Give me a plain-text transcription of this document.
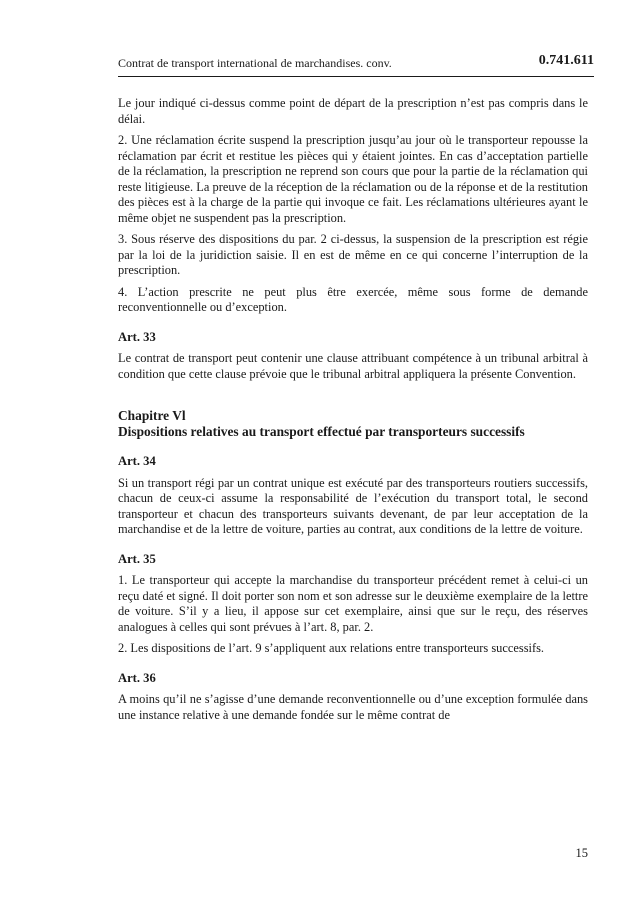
Contrat de transport international de marchandises. conv.	0.741.611

Le jour indiqué ci-dessus comme point de départ de la prescription n’est pas compris dans le délai.

2. Une réclamation écrite suspend la prescription jusqu’au jour où le transporteur repousse la réclamation par écrit et restitue les pièces qui y étaient jointes. En cas d’acceptation partielle de la réclamation, la prescription ne reprend son cours que pour la partie de la réclamation qui reste litigieuse. La preuve de la réception de la réclamation ou de la réponse et de la restitution des pièces est à la charge de la partie qui invoque ce fait. Les réclamations ultérieures ayant le même objet ne suspendent pas la prescription.

3. Sous réserve des dispositions du par. 2 ci-dessus, la suspension de la prescription est régie par la loi de la juridiction saisie. Il en est de même en ce qui concerne l’interruption de la prescription.

4. L’action prescrite ne peut plus être exercée, même sous forme de demande reconventionnelle ou d’exception.

Art. 33

Le contrat de transport peut contenir une clause attribuant compétence à un tribunal arbitral à condition que cette clause prévoie que le tribunal arbitral appliquera la présente Convention.

Chapitre Vl
Dispositions relatives au transport effectué par transporteurs successifs
Art. 34

Si un transport régi par un contrat unique est exécuté par des transporteurs routiers successifs, chacun de ceux-ci assume la responsabilité de l’exécution du transport total, le second transporteur et chacun des transporteurs suivants devenant, de par leur acceptation de la marchandise et de la lettre de voiture, parties au contrat, aux conditions de la lettre de voiture.

Art. 35

1. Le transporteur qui accepte la marchandise du transporteur précédent remet à celui-ci un reçu daté et signé. Il doit porter son nom et son adresse sur le deuxième exemplaire de la lettre de voiture. S’il y a lieu, il appose sur cet exemplaire, ainsi que sur le reçu, des réserves analogues à celles qui sont prévues à l’art. 8, par. 2.

2. Les dispositions de l’art. 9 s’appliquent aux relations entre transporteurs successifs.

Art. 36

A moins qu’il ne s’agisse d’une demande reconventionnelle ou d’une exception formulée dans une instance relative à une demande fondée sur le même contrat de

15
